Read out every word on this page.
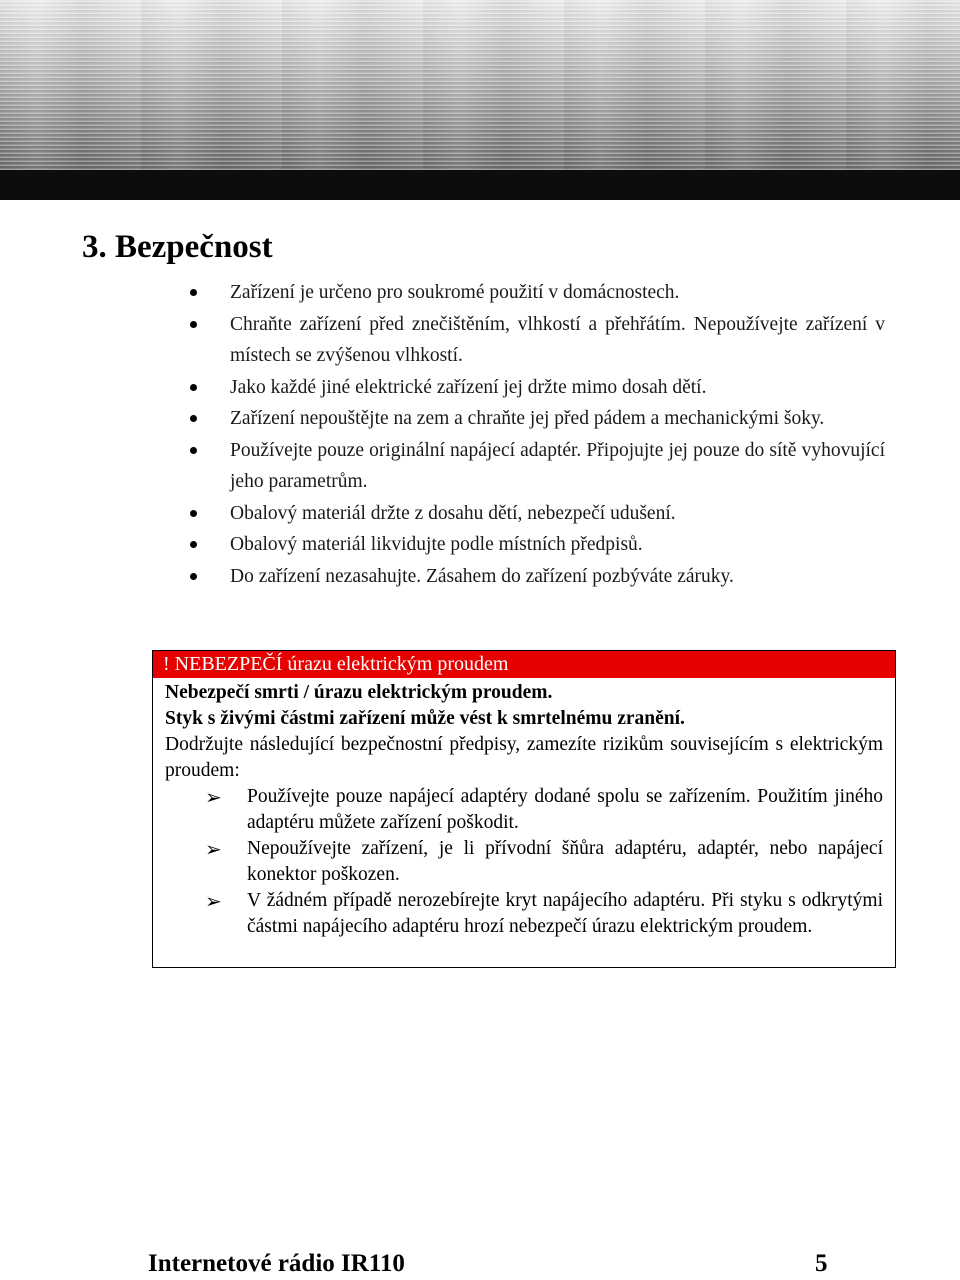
3. Bezpečnost
Zařízení je určeno pro soukromé použití v domácnostech.
Chraňte zařízení před znečištěním, vlhkostí a přehřátím. Nepoužívejte zařízení v místech se zvýšenou vlhkostí.
Jako každé jiné elektrické zařízení jej držte mimo dosah dětí.
Zařízení nepouštějte na zem a chraňte jej před pádem a mechanickými šoky.
Používejte pouze originální napájecí adaptér. Připojujte jej pouze do sítě vyhovující jeho parametrům.
Obalový materiál držte z dosahu dětí, nebezpečí udušení.
Obalový materiál likvidujte podle místních předpisů.
Do zařízení nezasahujte. Zásahem do zařízení pozbýváte záruky.
! NEBEZPEČÍ úrazu elektrickým proudem
Nebezpečí smrti / úrazu elektrickým proudem.
Styk s živými částmi zařízení může vést k smrtelnému zranění.
Dodržujte následující bezpečnostní předpisy, zamezíte rizikům souvisejícím s elektrickým proudem:
➢ Používejte pouze napájecí adaptéry dodané spolu se zařízením. Použitím jiného adaptéru můžete zařízení poškodit.
➢ Nepoužívejte zařízení, je li přívodní šňůra adaptéru, adaptér, nebo napájecí konektor poškozen.
➢ V žádném případě nerozebírejte kryt napájecího adaptéru. Při styku s odkrytými částmi napájecího adaptéru hrozí nebezpečí úrazu elektrickým proudem.
Internetové rádio IR110	5
